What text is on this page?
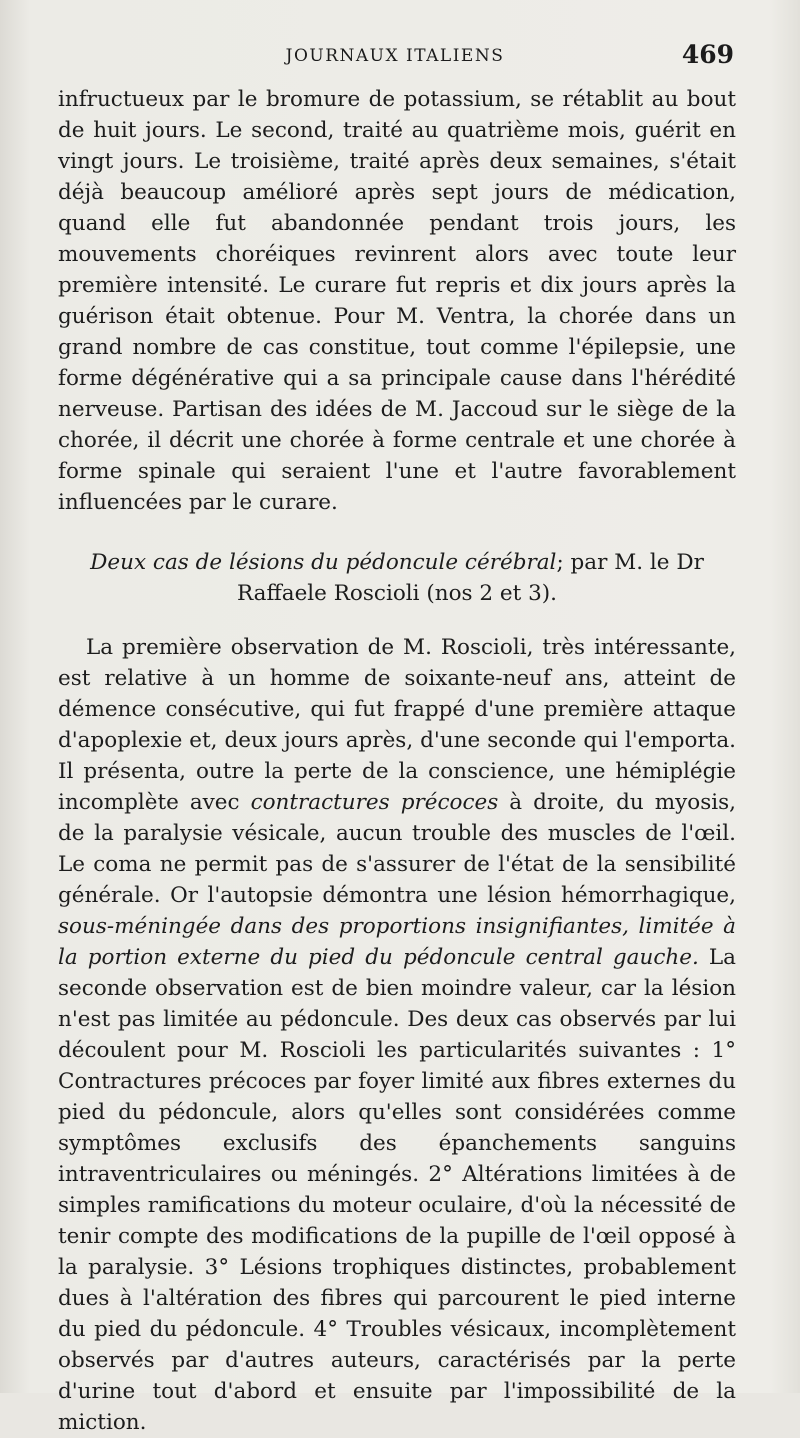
JOURNAUX ITALIENS	469

infructueux par le bromure de potassium, se rétablit au bout de huit jours. Le second, traité au quatrième mois, guérit en vingt jours. Le troisième, traité après deux semaines, s'était déjà beaucoup amélioré après sept jours de médication, quand elle fut abandonnée pendant trois jours, les mouvements choréiques revinrent alors avec toute leur première intensité. Le curare fut repris et dix jours après la guérison était obtenue. Pour M. Ventra, la chorée dans un grand nombre de cas constitue, tout comme l'épilepsie, une forme dégénérative qui a sa principale cause dans l'hérédité nerveuse. Partisan des idées de M. Jaccoud sur le siège de la chorée, il décrit une chorée à forme centrale et une chorée à forme spinale qui seraient l'une et l'autre favorablement influencées par le curare.

Deux cas de lésions du pédoncule cérébral; par M. le Dr Raffaele Roscioli (nos 2 et 3).

La première observation de M. Roscioli, très intéressante, est relative à un homme de soixante-neuf ans, atteint de démence consécutive, qui fut frappé d'une première attaque d'apoplexie et, deux jours après, d'une seconde qui l'emporta. Il présenta, outre la perte de la conscience, une hémiplégie incomplète avec contractures précoces à droite, du myosis, de la paralysie vésicale, aucun trouble des muscles de l'œil. Le coma ne permit pas de s'assurer de l'état de la sensibilité générale. Or l'autopsie démontra une lésion hémorrhagique, sous-méningée dans des proportions insignifiantes, limitée à la portion externe du pied du pédoncule central gauche. La seconde observation est de bien moindre valeur, car la lésion n'est pas limitée au pédoncule. Des deux cas observés par lui découlent pour M. Roscioli les particularités suivantes : 1° Contractures précoces par foyer limité aux fibres externes du pied du pédoncule, alors qu'elles sont considérées comme symptômes exclusifs des épanchements sanguins intraventriculaires ou méningés. 2° Altérations limitées à de simples ramifications du moteur oculaire, d'où la nécessité de tenir compte des modifications de la pupille de l'œil opposé à la paralysie. 3° Lésions trophiques distinctes, probablement dues à l'altération des fibres qui parcourent le pied interne du pied du pédoncule. 4° Troubles vésicaux, incomplètement observés par d'autres auteurs, caractérisés par la perte d'urine tout d'abord et ensuite par l'impossibilité de la miction.
